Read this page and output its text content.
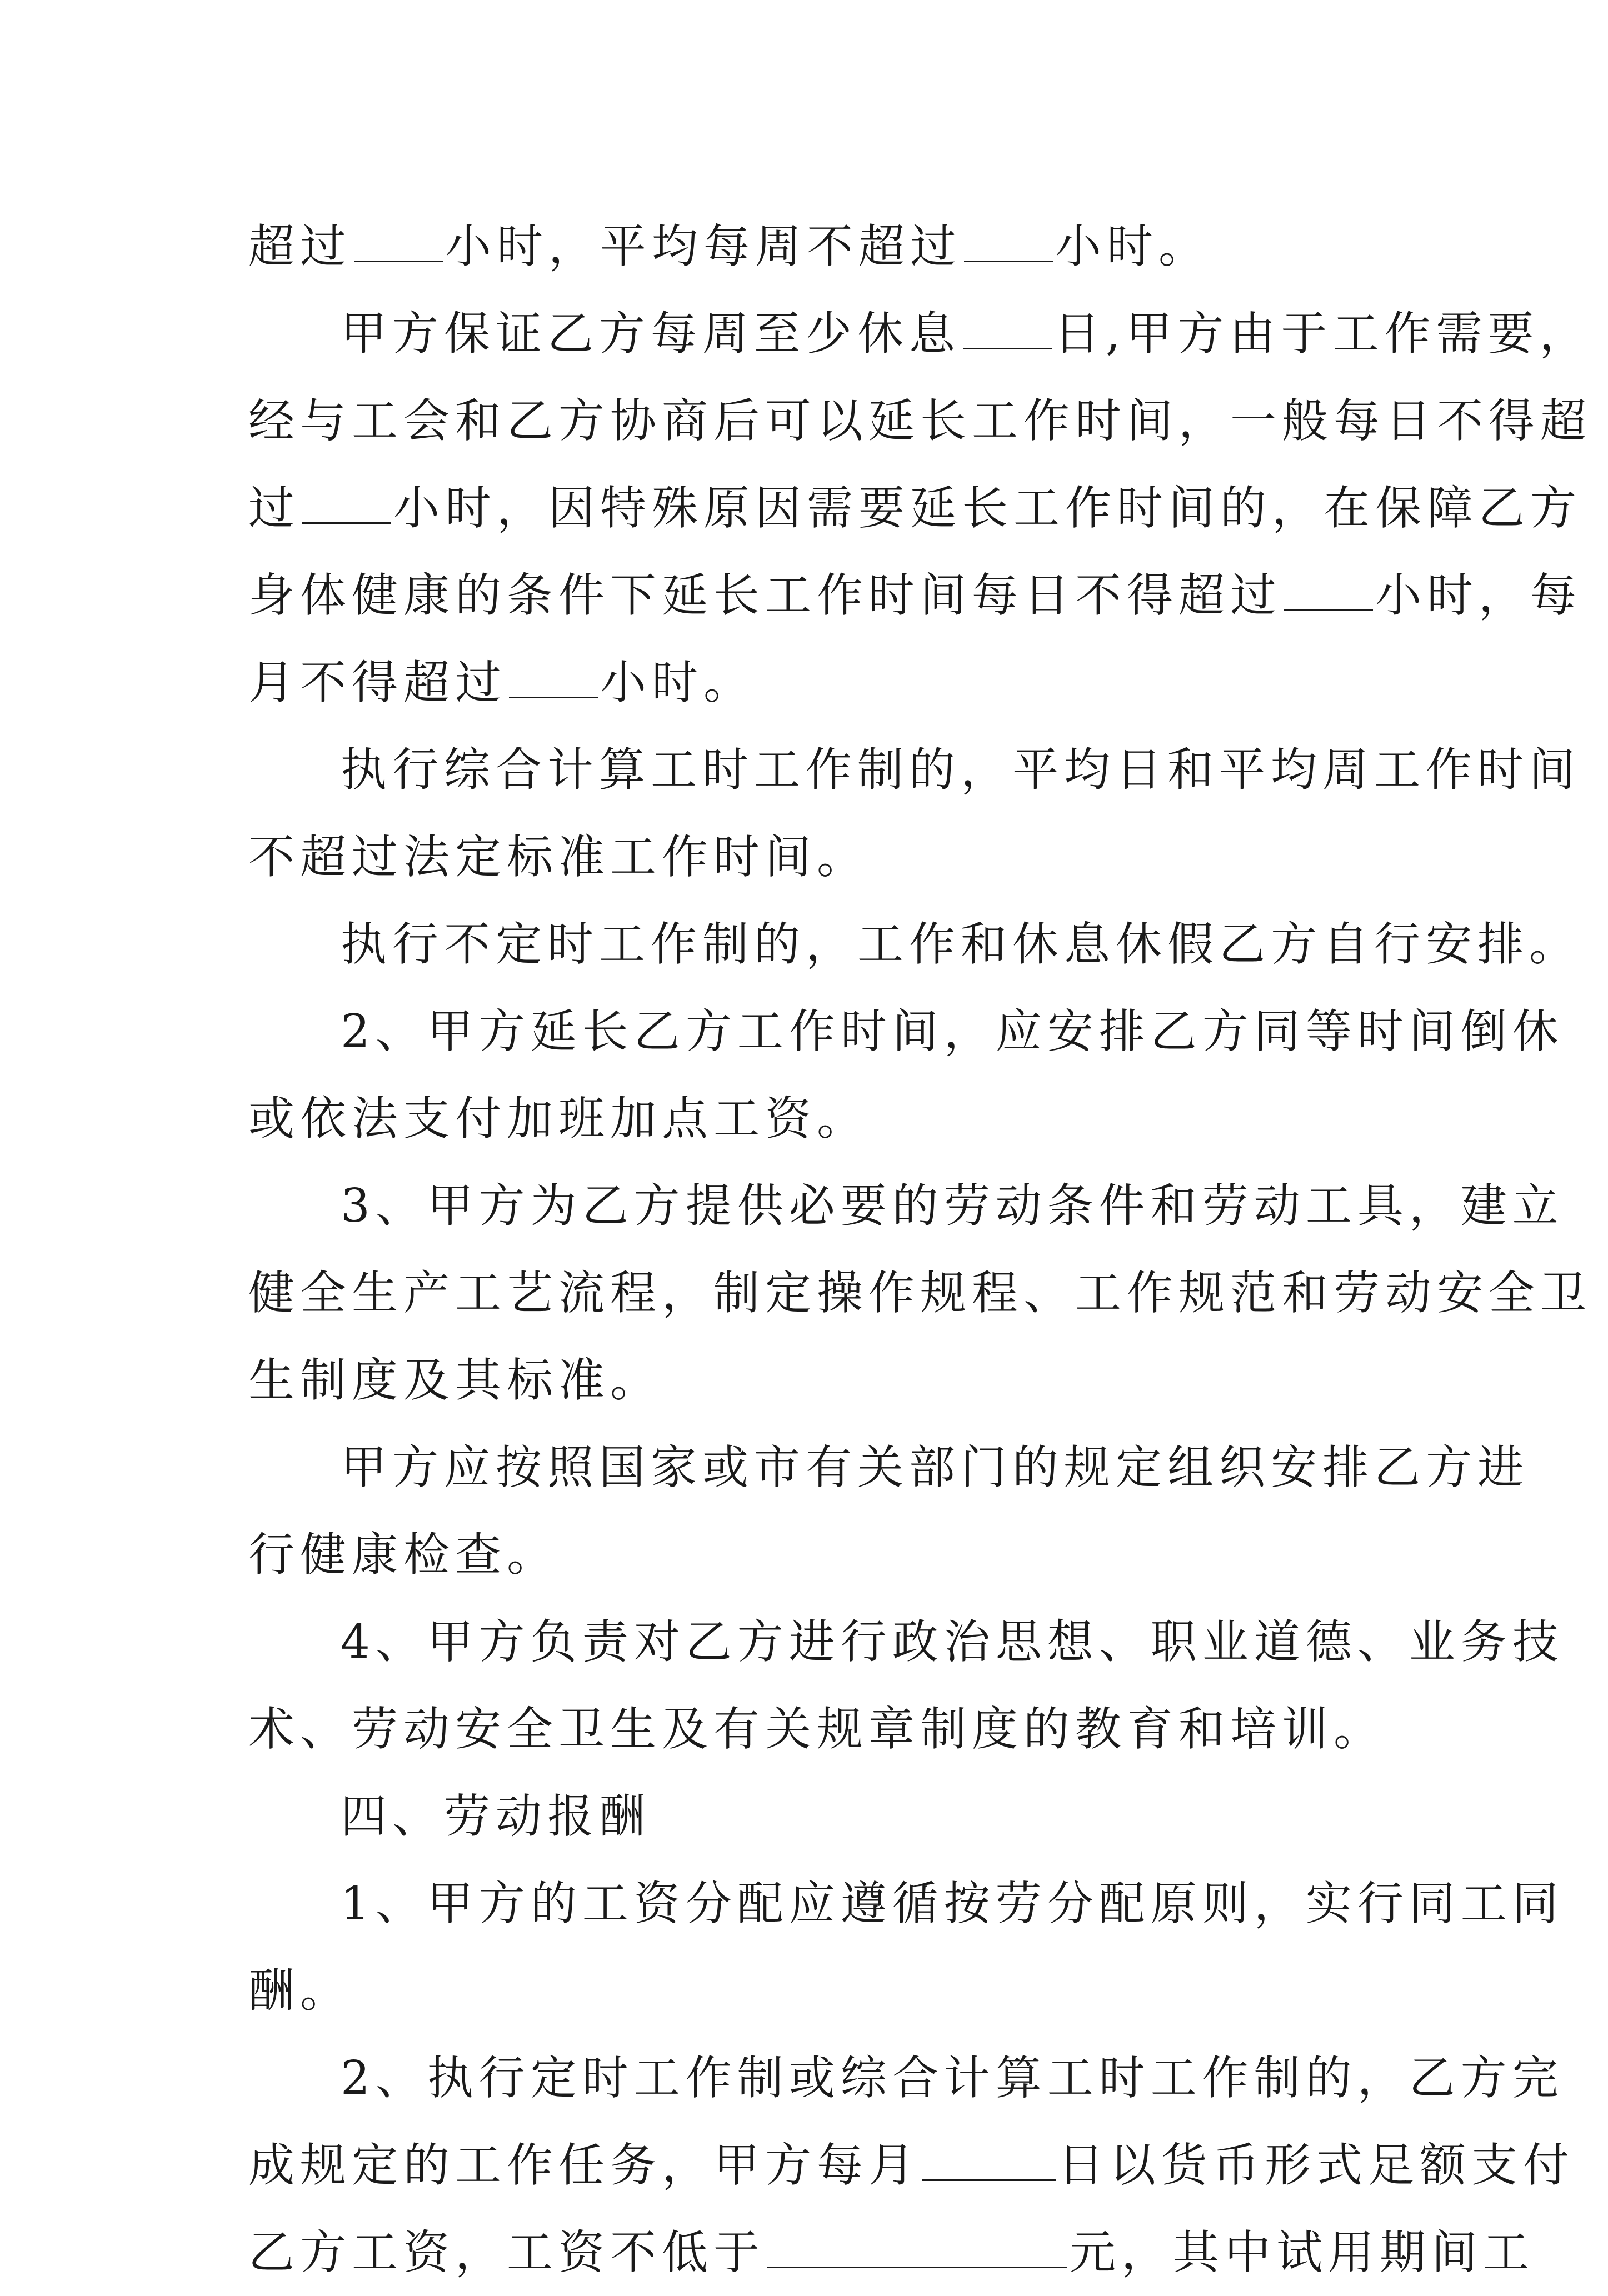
超过 小时，平均每周不超过 小时。
甲方保证乙方每周至少休息 日,甲方由于工作需要，
经与工会和乙方协商后可以延长工作时间，一般每日不得超
过 小时，因特殊原因需要延长工作时间的，在保障乙方
身体健康的条件下延长工作时间每日不得超过 小时，每
月不得超过 小时。
执行综合计算工时工作制的，平均日和平均周工作时间
不超过法定标准工作时间。
执行不定时工作制的，工作和休息休假乙方自行安排。
2、甲方延长乙方工作时间，应安排乙方同等时间倒休
或依法支付加班加点工资。
3、甲方为乙方提供必要的劳动条件和劳动工具，建立
健全生产工艺流程，制定操作规程、工作规范和劳动安全卫
生制度及其标准。
甲方应按照国家或市有关部门的规定组织安排乙方进
行健康检查。
4、甲方负责对乙方进行政治思想、职业道德、业务技
术、劳动安全卫生及有关规章制度的教育和培训。
四、劳动报酬
1、甲方的工资分配应遵循按劳分配原则，实行同工同
酬。
2、执行定时工作制或综合计算工时工作制的，乙方完
成规定的工作任务，甲方每月	日以货币形式足额支付
乙方工资，工资不低于	元，其中试用期间工
